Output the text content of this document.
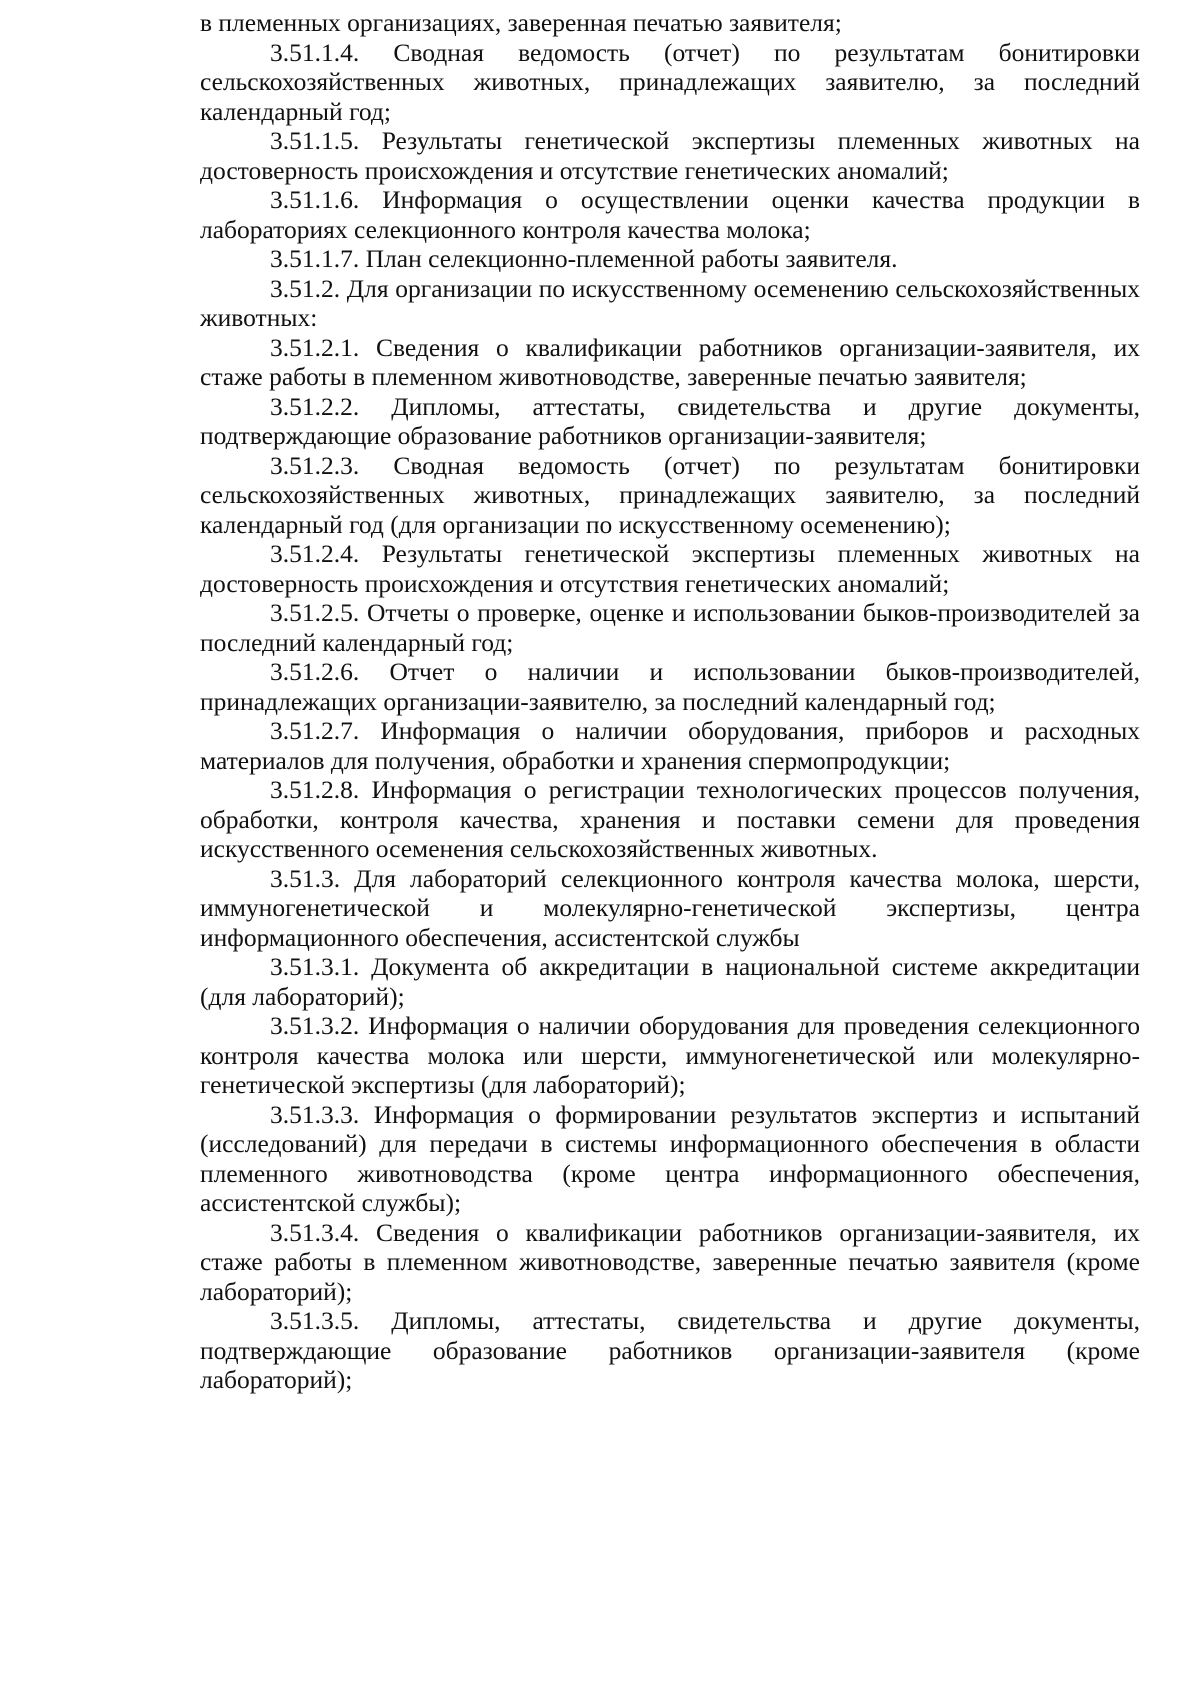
в племенных организациях, заверенная печатью заявителя;

3.51.1.4. Сводная ведомость (отчет) по результатам бонитировки сельскохозяйственных животных, принадлежащих заявителю, за последний календарный год;

3.51.1.5. Результаты генетической экспертизы племенных животных на достоверность происхождения и отсутствие генетических аномалий;

3.51.1.6. Информация о осуществлении оценки качества продукции в лабораториях селекционного контроля качества молока;

3.51.1.7. План селекционно-племенной работы заявителя.

3.51.2. Для организации по искусственному осеменению сельскохозяйственных животных:

3.51.2.1. Сведения о квалификации работников организации-заявителя, их стаже работы в племенном животноводстве, заверенные печатью заявителя;

3.51.2.2. Дипломы, аттестаты, свидетельства и другие документы, подтверждающие образование работников организации-заявителя;

3.51.2.3. Сводная ведомость (отчет) по результатам бонитировки сельскохозяйственных животных, принадлежащих заявителю, за последний календарный год (для организации по искусственному осеменению);

3.51.2.4. Результаты генетической экспертизы племенных животных на достоверность происхождения и отсутствия генетических аномалий;

3.51.2.5. Отчеты о проверке, оценке и использовании быков-производителей за последний календарный год;

3.51.2.6. Отчет о наличии и использовании быков-производителей, принадлежащих организации-заявителю, за последний календарный год;

3.51.2.7. Информация о наличии оборудования, приборов и расходных материалов для получения, обработки и хранения спермопродукции;

3.51.2.8. Информация о регистрации технологических процессов получения, обработки, контроля качества, хранения и поставки семени для проведения искусственного осеменения сельскохозяйственных животных.

3.51.3. Для лабораторий селекционного контроля качества молока, шерсти, иммуногенетической и молекулярно-генетической экспертизы, центра информационного обеспечения, ассистентской службы

3.51.3.1. Документа об аккредитации в национальной системе аккредитации (для лабораторий);

3.51.3.2. Информация о наличии оборудования для проведения селекционного контроля качества молока или шерсти, иммуногенетической или молекулярно-генетической экспертизы (для лабораторий);

3.51.3.3. Информация о формировании результатов экспертиз и испытаний (исследований) для передачи в системы информационного обеспечения в области племенного животноводства (кроме центра информационного обеспечения, ассистентской службы);

3.51.3.4. Сведения о квалификации работников организации-заявителя, их стаже работы в племенном животноводстве, заверенные печатью заявителя (кроме лабораторий);

3.51.3.5. Дипломы, аттестаты, свидетельства и другие документы, подтверждающие образование работников организации-заявителя (кроме лабораторий);
